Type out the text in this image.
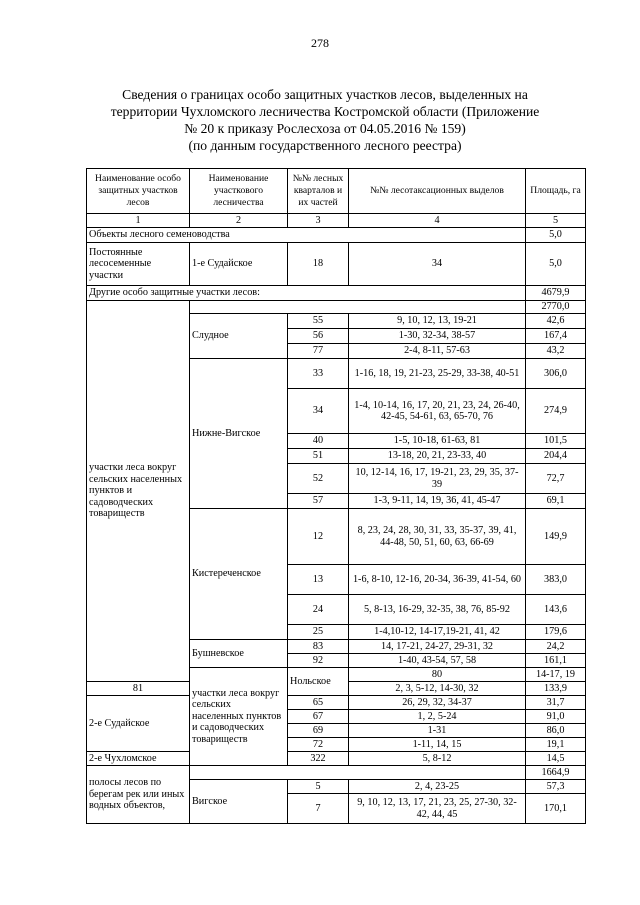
278
Сведения о границах особо защитных участков лесов, выделенных на
территории Чухломского лесничества Костромской области (Приложение
№ 20 к приказу Рослесхоза от 04.05.2016 № 159)
(по данным государственного лесного реестра)
Наименование особо защитных участков лесов	Наименование участкового лесничества	№№ лесных кварталов и их частей	№№ лесотаксационных выделов	Площадь, га	
1	2	3	4	5	
Объекты лесного семеноводства				5,0	
Постоянные лесосеменные участки	1-е Судайское	18	34	5,0	
Другие особо защитные участки лесов:				4679,9	
участки леса вокруг сельских населенных пунктов и садоводческих товариществ				2770,0	
	Слудное	55	9, 10, 12, 13, 19-21	42,6	
		56	1-30, 32-34, 38-57	167,4	
		77	2-4, 8-11, 57-63	43,2	
	Нижне-Вигское	33	1-16, 18, 19, 21-23, 25-29, 33-38, 40-51	306,0	
		34	1-4, 10-14, 16, 17, 20, 21, 23, 24, 26-40, 42-45, 54-61, 63, 65-70, 76	274,9	
		40	1-5, 10-18, 61-63, 81	101,5	
		51	13-18, 20, 21, 23-33, 40	204,4	
		52	10, 12-14, 16, 17, 19-21, 23, 29, 35, 37-39	72,7	
		57	1-3, 9-11, 14, 19, 36, 41, 45-47	69,1	
	Кистереченское	12	8, 23, 24, 28, 30, 31, 33, 35-37, 39, 41, 44-48, 50, 51, 60, 63, 66-69	149,9	
		13	1-6, 8-10, 12-16, 20-34, 36-39, 41-54, 60	383,0	
		24	5, 8-13, 16-29, 32-35, 38, 76, 85-92	143,6	
		25	1-4,10-12, 14-17,19-21, 41, 42	179,6	
	Бушневское	83	14, 17-21, 24-27, 29-31, 32	24,2	
		92	1-40, 43-54, 57, 58	161,1	
	участки леса вокруг сельских населенных пунктов и садоводческих товариществ	Нольское	80	14-17, 19	
81			2, 3, 5-12, 14-30, 32	133,9	
2-е Судайское		65	26, 29, 32, 34-37	31,7	
		67	1, 2, 5-24	91,0	
		69	1-31	86,0	
		72	1-11, 14, 15	19,1	
2-е Чухломское		322	5, 8-12	14,5	
полосы лесов по берегам рек или иных водных объектов,				1664,9	
	Вигское	5	2, 4, 23-25	57,3	
		7	9, 10, 12, 13, 17, 21, 23, 25, 27-30, 32-42, 44, 45	170,1	
